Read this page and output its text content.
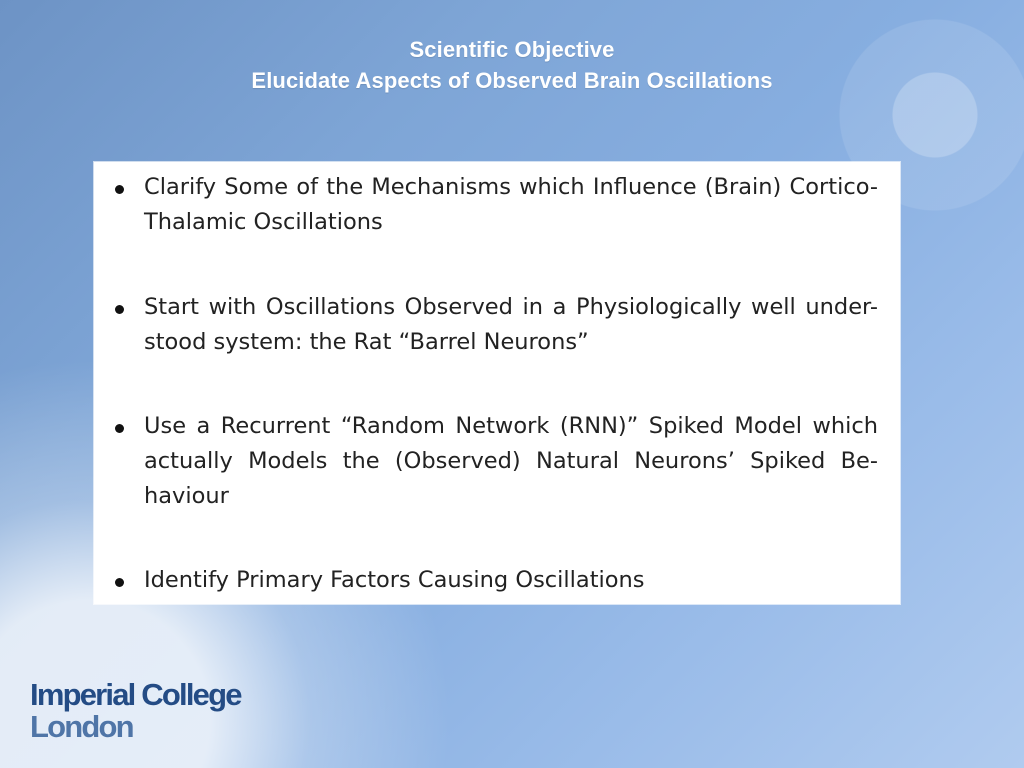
Scientific Objective
Elucidate Aspects of Observed Brain Oscillations
Clarify Some of the Mechanisms which Influence (Brain) Cortico-Thalamic Oscillations
Start with Oscillations Observed in a Physiologically well under-stood system: the Rat “Barrel Neurons”
Use a Recurrent “Random Network (RNN)” Spiked Model which actually Models the (Observed) Natural Neurons’ Spiked Be-haviour
Identify Primary Factors Causing Oscillations
Imperial College
London
